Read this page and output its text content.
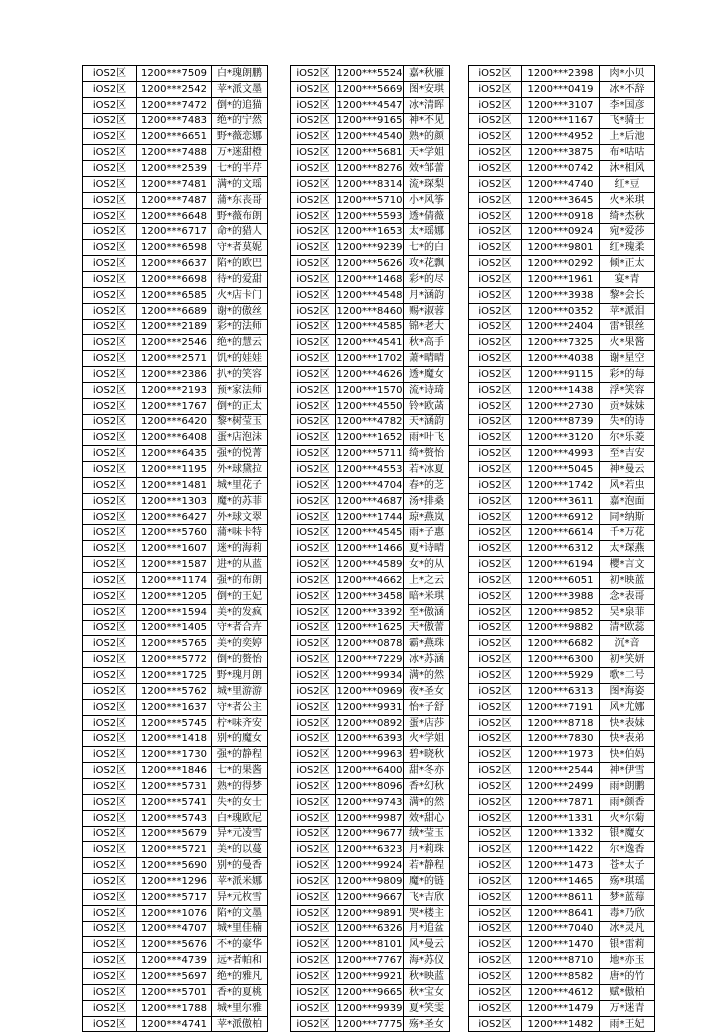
iOS2区	1200***7509	白*瑰朗鹏
iOS2区	1200***2542	苹*派文墨
iOS2区	1200***7472	倒*的追猫
iOS2区	1200***7483	绝*的宁然
iOS2区	1200***6651	野*薇恋娜
iOS2区	1200***7488	万*迷甜橙
iOS2区	1200***2539	七*的半芹
iOS2区	1200***7481	满*的文瑶
iOS2区	1200***7487	蒲*东丧哥
iOS2区	1200***6648	野*薇布朗
iOS2区	1200***6717	命*的猎人
iOS2区	1200***6598	守*者莫妮
iOS2区	1200***6637	陷*的欧巴
iOS2区	1200***6698	待*的爱甜
iOS2区	1200***6585	火*店卡门
iOS2区	1200***6689	谢*的傲丝
iOS2区	1200***2189	彩*的法师
iOS2区	1200***2546	绝*的慧云
iOS2区	1200***2571	饥*的娃娃
iOS2区	1200***2386	扒*的笑容
iOS2区	1200***2193	预*家法师
iOS2区	1200***1767	倒*的正太
iOS2区	1200***6420	黎*树莹玉
iOS2区	1200***6408	蛋*店泡沫
iOS2区	1200***6435	强*的悦菁
iOS2区	1200***1195	外*球黛拉
iOS2区	1200***1481	城*里花子
iOS2区	1200***1303	魔*的苏菲
iOS2区	1200***6427	外*球文翠
iOS2区	1200***5760	蒲*味卡特
iOS2区	1200***1607	迷*的海莉
iOS2区	1200***1587	进*的从蓝
iOS2区	1200***1174	强*的布朗
iOS2区	1200***1205	倒*的王妃
iOS2区	1200***1594	美*的发疯
iOS2区	1200***1405	守*者合卉
iOS2区	1200***5765	美*的奕婷
iOS2区	1200***5772	倒*的赘怡
iOS2区	1200***1725	野*瑰月朗
iOS2区	1200***5762	城*里游游
iOS2区	1200***1637	守*者公主
iOS2区	1200***5745	柠*味齐安
iOS2区	1200***1418	别*的魔女
iOS2区	1200***1730	强*的静程
iOS2区	1200***1846	七*的果酱
iOS2区	1200***5731	熟*的得梦
iOS2区	1200***5741	失*的女士
iOS2区	1200***5743	白*瑰欧尼
iOS2区	1200***5679	异*元凌雪
iOS2区	1200***5721	美*的以蔓
iOS2区	1200***5690	别*的曼香
iOS2区	1200***1296	苹*派米娜
iOS2区	1200***5717	异*元枚雪
iOS2区	1200***1076	陷*的文墨
iOS2区	1200***4707	城*里佳楠
iOS2区	1200***5676	不*的豪华
iOS2区	1200***4739	远*者帕和
iOS2区	1200***5697	绝*的雅凡
iOS2区	1200***5701	香*的夏桃
iOS2区	1200***1788	城*里尔雅
iOS2区	1200***4741	苹*派傲柏
iOS2区	1200***5524	嘉*秋雁
iOS2区	1200***5669	图*安琪
iOS2区	1200***4547	冰*清晖
iOS2区	1200***9165	神*不见
iOS2区	1200***4540	熟*的颜
iOS2区	1200***5681	天*学姐
iOS2区	1200***8276	效*邹蕾
iOS2区	1200***8314	流*琛梨
iOS2区	1200***5710	小*风筝
iOS2区	1200***5593	透*倩薇
iOS2区	1200***1653	太*瑶娜
iOS2区	1200***9239	七*的白
iOS2区	1200***5626	攻*花飘
iOS2区	1200***1468	彩*的尽
iOS2区	1200***4548	月*涵韵
iOS2区	1200***8460	赐*淑蓉
iOS2区	1200***4585	锦*老大
iOS2区	1200***4541	秋*高手
iOS2区	1200***1702	萧*晴晴
iOS2区	1200***4626	透*魔女
iOS2区	1200***1570	流*诗琦
iOS2区	1200***4550	铃*欧菡
iOS2区	1200***4782	天*涵韵
iOS2区	1200***1652	雨*叶飞
iOS2区	1200***5711	绮*赘怡
iOS2区	1200***4553	若*冰夏
iOS2区	1200***4704	春*的芝
iOS2区	1200***4687	汤*排桑
iOS2区	1200***1744	琼*燕岚
iOS2区	1200***4545	雨*子惠
iOS2区	1200***1466	夏*诗晴
iOS2区	1200***4589	女*的从
iOS2区	1200***4662	上*之云
iOS2区	1200***3458	暗*米琪
iOS2区	1200***3392	至*傲涵
iOS2区	1200***1625	天*傲蕾
iOS2区	1200***0878	霸*燕珠
iOS2区	1200***7229	冰*苏涵
iOS2区	1200***9934	满*的然
iOS2区	1200***0969	夜*圣女
iOS2区	1200***9931	怡*子舒
iOS2区	1200***0892	蛋*店莎
iOS2区	1200***6393	火*学姐
iOS2区	1200***9963	碧*晓秋
iOS2区	1200***6400	甜*冬亦
iOS2区	1200***8096	香*幻秋
iOS2区	1200***9743	满*的然
iOS2区	1200***9987	效*甜心
iOS2区	1200***9677	绒*莹玉
iOS2区	1200***6323	月*莉珠
iOS2区	1200***9924	若*静程
iOS2区	1200***9809	魔*的链
iOS2区	1200***9667	飞*吉欣
iOS2区	1200***9891	哭*楼主
iOS2区	1200***6326	月*追盆
iOS2区	1200***8101	风*曼云
iOS2区	1200***7767	海*苏仪
iOS2区	1200***9921	秋*映蓝
iOS2区	1200***9665	秋*宝女
iOS2区	1200***9939	夏*笑雯
iOS2区	1200***7775	殇*圣女
iOS2区	1200***2398	肉*小贝
iOS2区	1200***0419	冰*不辞
iOS2区	1200***3107	李*国彦
iOS2区	1200***1167	飞*骑士
iOS2区	1200***4952	上*后池
iOS2区	1200***3875	布*咕咕
iOS2区	1200***0742	沐*相风
iOS2区	1200***4740	红*豆
iOS2区	1200***3645	火*米琪
iOS2区	1200***0918	绮*杰秋
iOS2区	1200***0924	宛*爱莎
iOS2区	1200***9801	红*瑰柔
iOS2区	1200***0292	倾*正太
iOS2区	1200***1961	宴*青
iOS2区	1200***3938	黎*会长
iOS2区	1200***0352	苹*派泪
iOS2区	1200***2404	雷*银丝
iOS2区	1200***7325	火*果酱
iOS2区	1200***4038	谢*星空
iOS2区	1200***9115	彩*的每
iOS2区	1200***1438	浮*笑容
iOS2区	1200***2730	贡*妹妹
iOS2区	1200***8739	失*的诗
iOS2区	1200***3120	尔*乐菱
iOS2区	1200***4993	至*吉安
iOS2区	1200***5045	神*曼云
iOS2区	1200***1742	风*若虫
iOS2区	1200***3611	嘉*泡面
iOS2区	1200***6912	同*纳斯
iOS2区	1200***6614	千*万花
iOS2区	1200***6312	太*琛燕
iOS2区	1200***6194	樱*言文
iOS2区	1200***6051	初*映蓝
iOS2区	1200***3988	念*表哥
iOS2区	1200***9852	吴*泉菲
iOS2区	1200***9882	清*欧蕊
iOS2区	1200***6682	沉*音
iOS2区	1200***6300	初*笑妍
iOS2区	1200***5929	歌*二号
iOS2区	1200***6313	图*海姿
iOS2区	1200***7191	风*尤娜
iOS2区	1200***8718	快*表妹
iOS2区	1200***7830	快*表弟
iOS2区	1200***1973	快*伯妈
iOS2区	1200***2544	神*伊雪
iOS2区	1200***2499	雨*朗鹏
iOS2区	1200***7871	雨*颜香
iOS2区	1200***1331	火*尔菊
iOS2区	1200***1332	银*魔女
iOS2区	1200***1422	尔*逸香
iOS2区	1200***1473	苍*太子
iOS2区	1200***1465	殇*琪瑶
iOS2区	1200***8611	梦*蓝莓
iOS2区	1200***8641	毒*乃欣
iOS2区	1200***7040	冰*灵凡
iOS2区	1200***1470	银*雷莉
iOS2区	1200***8710	地*亦玉
iOS2区	1200***8582	唐*的竹
iOS2区	1200***4612	赋*傲柏
iOS2区	1200***1479	万*迷青
iOS2区	1200***1482	雨*王妃
